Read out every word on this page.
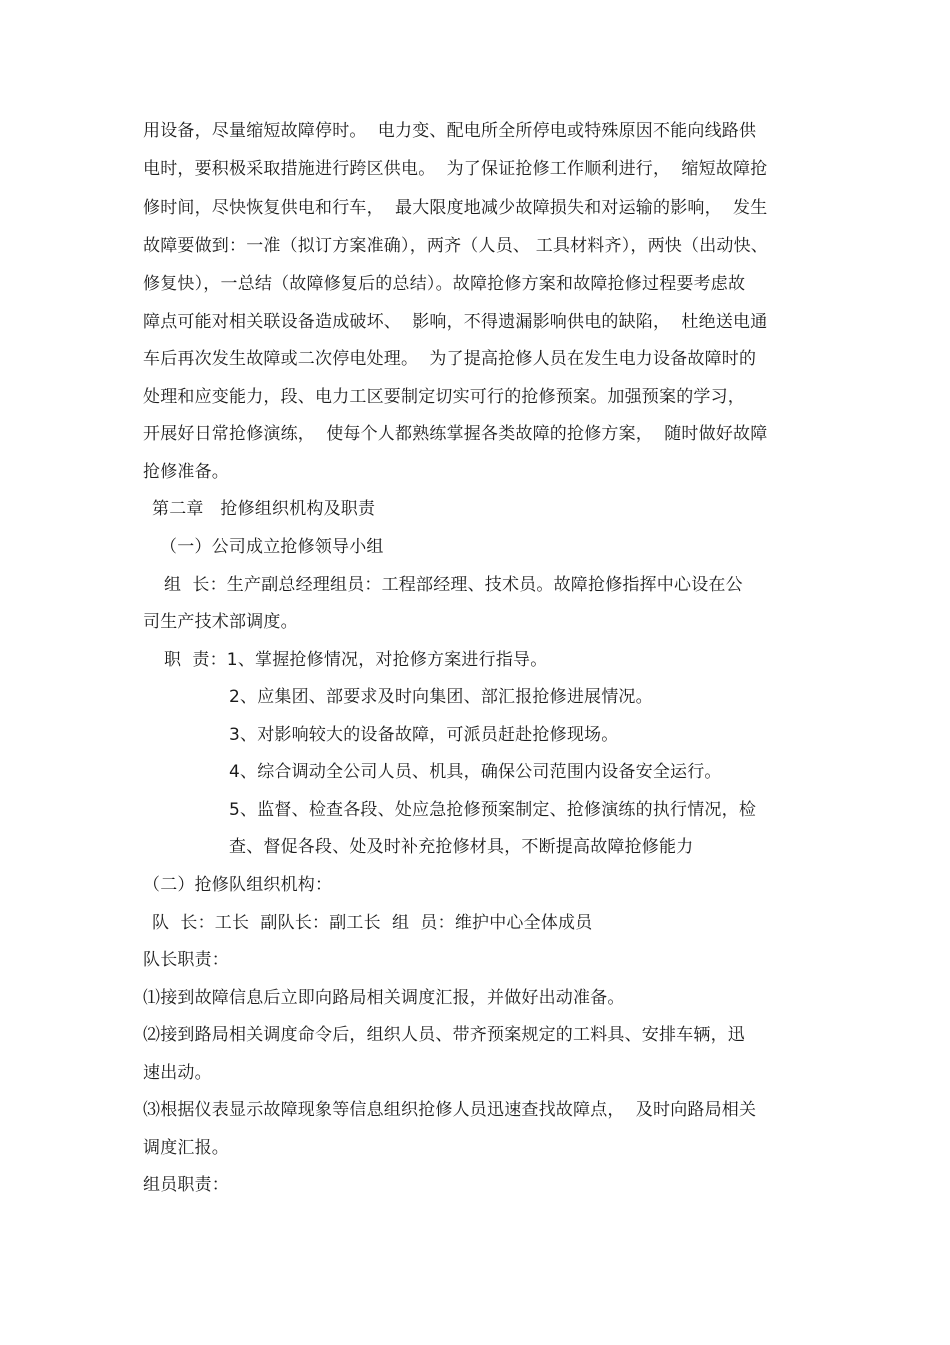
用设备，尽量缩短故障停时。  电力变、配电所全所停电或特殊原因不能向线路供
电时，要积极采取措施进行跨区供电。  为了保证抢修工作顺利进行，  缩短故障抢
修时间，尽快恢复供电和行车，  最大限度地减少故障损失和对运输的影响，  发生
故障要做到：一准（拟订方案准确），两齐（人员、 工具材料齐），两快（出动快、
修复快），一总结（故障修复后的总结）。故障抢修方案和故障抢修过程要考虑故
障点可能对相关联设备造成破坏、  影响，不得遗漏影响供电的缺陷，  杜绝送电通
车后再次发生故障或二次停电处理。  为了提高抢修人员在发生电力设备故障时的
处理和应变能力，段、电力工区要制定切实可行的抢修预案。加强预案的学习，
开展好日常抢修演练，  使每个人都熟练掌握各类故障的抢修方案，  随时做好故障
抢修准备。
第二章   抢修组织机构及职责
（一）公司成立抢修领导小组
组  长：生产副总经理组员：工程部经理、技术员。故障抢修指挥中心设在公
司生产技术部调度。
职  责：1、掌握抢修情况，对抢修方案进行指导。
2、应集团、部要求及时向集团、部汇报抢修进展情况。
3、对影响较大的设备故障，可派员赶赴抢修现场。
4、综合调动全公司人员、机具，确保公司范围内设备安全运行。
5、监督、检查各段、处应急抢修预案制定、抢修演练的执行情况，检
查、督促各段、处及时补充抢修材具，不断提高故障抢修能力
（二）抢修队组织机构：
队  长：工长  副队长：副工长  组  员：维护中心全体成员
队长职责：
⑴接到故障信息后立即向路局相关调度汇报，并做好出动准备。
⑵接到路局相关调度命令后，组织人员、带齐预案规定的工料具、安排车辆，迅
速出动。
⑶根据仪表显示故障现象等信息组织抢修人员迅速查找故障点，  及时向路局相关
调度汇报。
组员职责：
